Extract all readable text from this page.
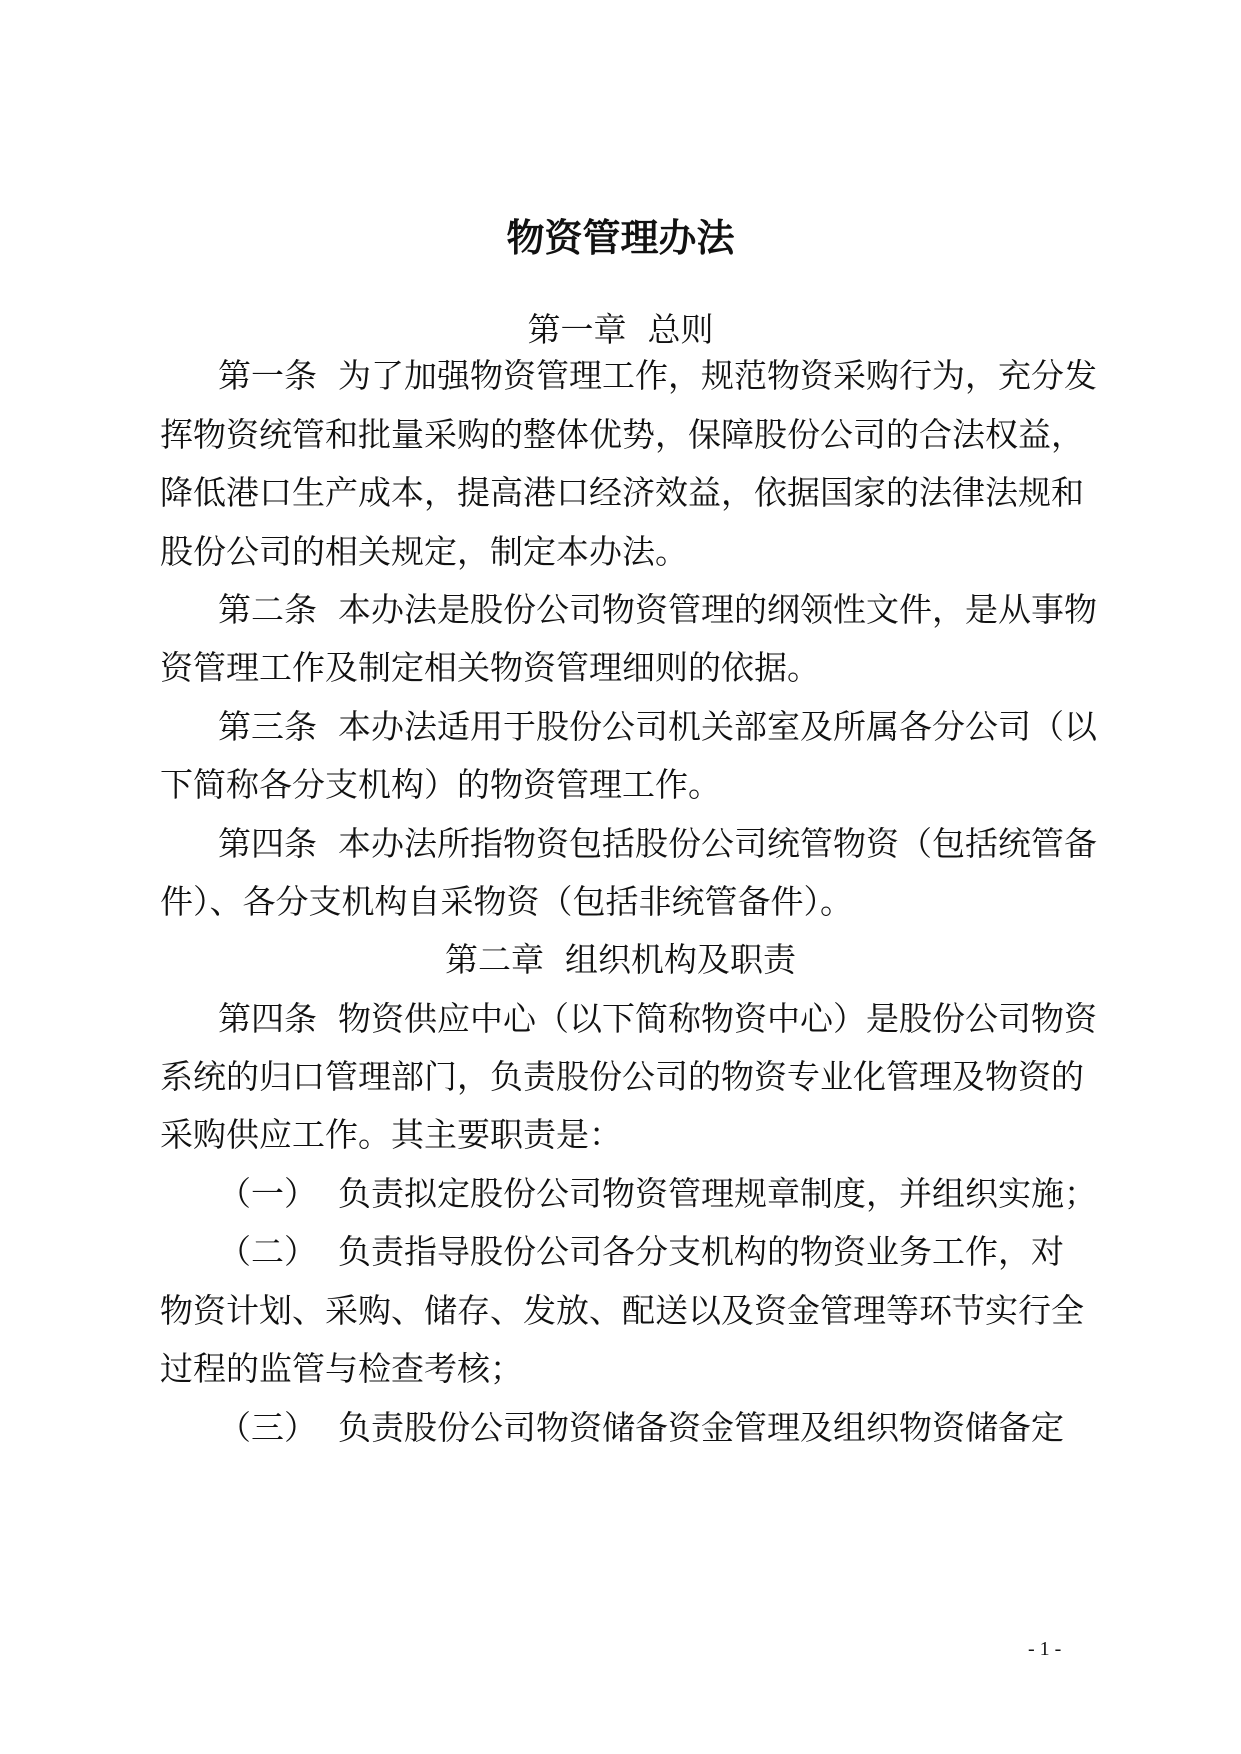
物资管理办法
第一章  总则
第一条  为了加强物资管理工作，规范物资采购行为，充分发
挥物资统管和批量采购的整体优势，保障股份公司的合法权益，
降低港口生产成本，提高港口经济效益，依据国家的法律法规和
股份公司的相关规定，制定本办法。
第二条  本办法是股份公司物资管理的纲领性文件，是从事物
资管理工作及制定相关物资管理细则的依据。
第三条  本办法适用于股份公司机关部室及所属各分公司（以
下简称各分支机构）的物资管理工作。
第四条  本办法所指物资包括股份公司统管物资（包括统管备
件）、各分支机构自采物资（包括非统管备件）。
第二章  组织机构及职责
第四条  物资供应中心（以下简称物资中心）是股份公司物资
系统的归口管理部门，负责股份公司的物资专业化管理及物资的
采购供应工作。其主要职责是：
（一）  负责拟定股份公司物资管理规章制度，并组织实施；
（二）  负责指导股份公司各分支机构的物资业务工作，对
物资计划、采购、储存、发放、配送以及资金管理等环节实行全
过程的监管与检查考核；
（三）  负责股份公司物资储备资金管理及组织物资储备定
- 1 -
